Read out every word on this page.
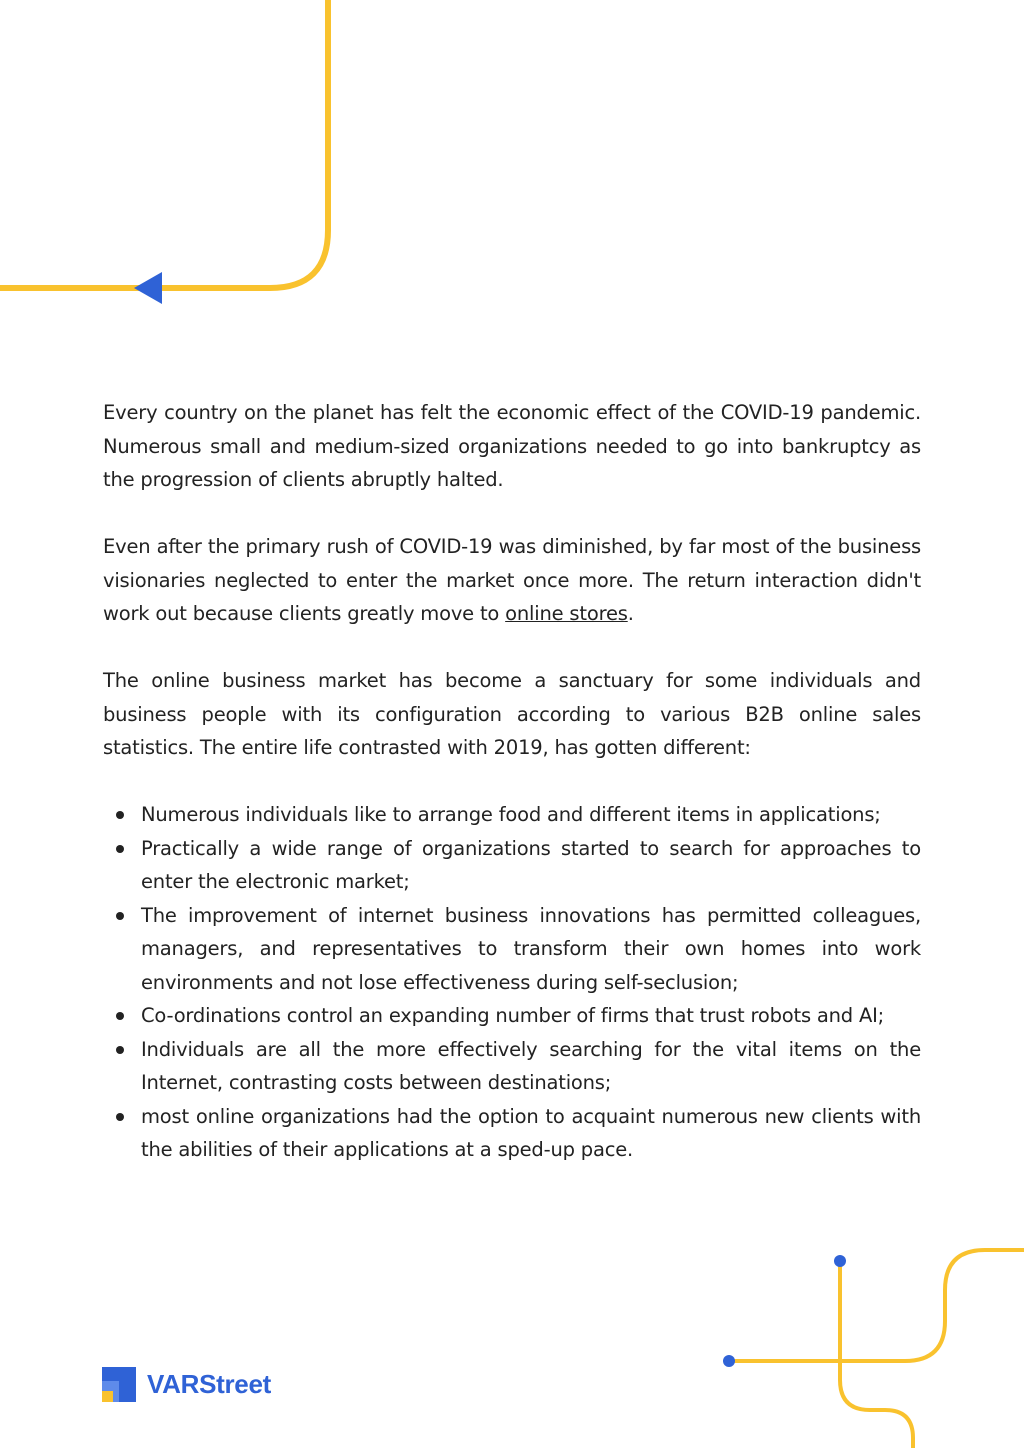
Every country on the planet has felt the economic effect of the COVID-19 pandemic. Numerous small and medium-sized organizations needed to go into bankruptcy as the progression of clients abruptly halted.

Even after the primary rush of COVID-19 was diminished, by far most of the business visionaries neglected to enter the market once more. The return interaction didn't work out because clients greatly move to online stores.

The online business market has become a sanctuary for some individuals and business people with its configuration according to various B2B online sales statistics. The entire life contrasted with 2019, has gotten different:

Numerous individuals like to arrange food and different items in applications;
Practically a wide range of organizations started to search for approaches to enter the electronic market;
The improvement of internet business innovations has permitted colleagues, managers, and representatives to transform their own homes into work environments and not lose effectiveness during self-seclusion;
Co-ordinations control an expanding number of firms that trust robots and AI;
Individuals are all the more effectively searching for the vital items on the Internet, contrasting costs between destinations;
most online organizations had the option to acquaint numerous new clients with the abilities of their applications at a sped-up pace.
VARStreet
